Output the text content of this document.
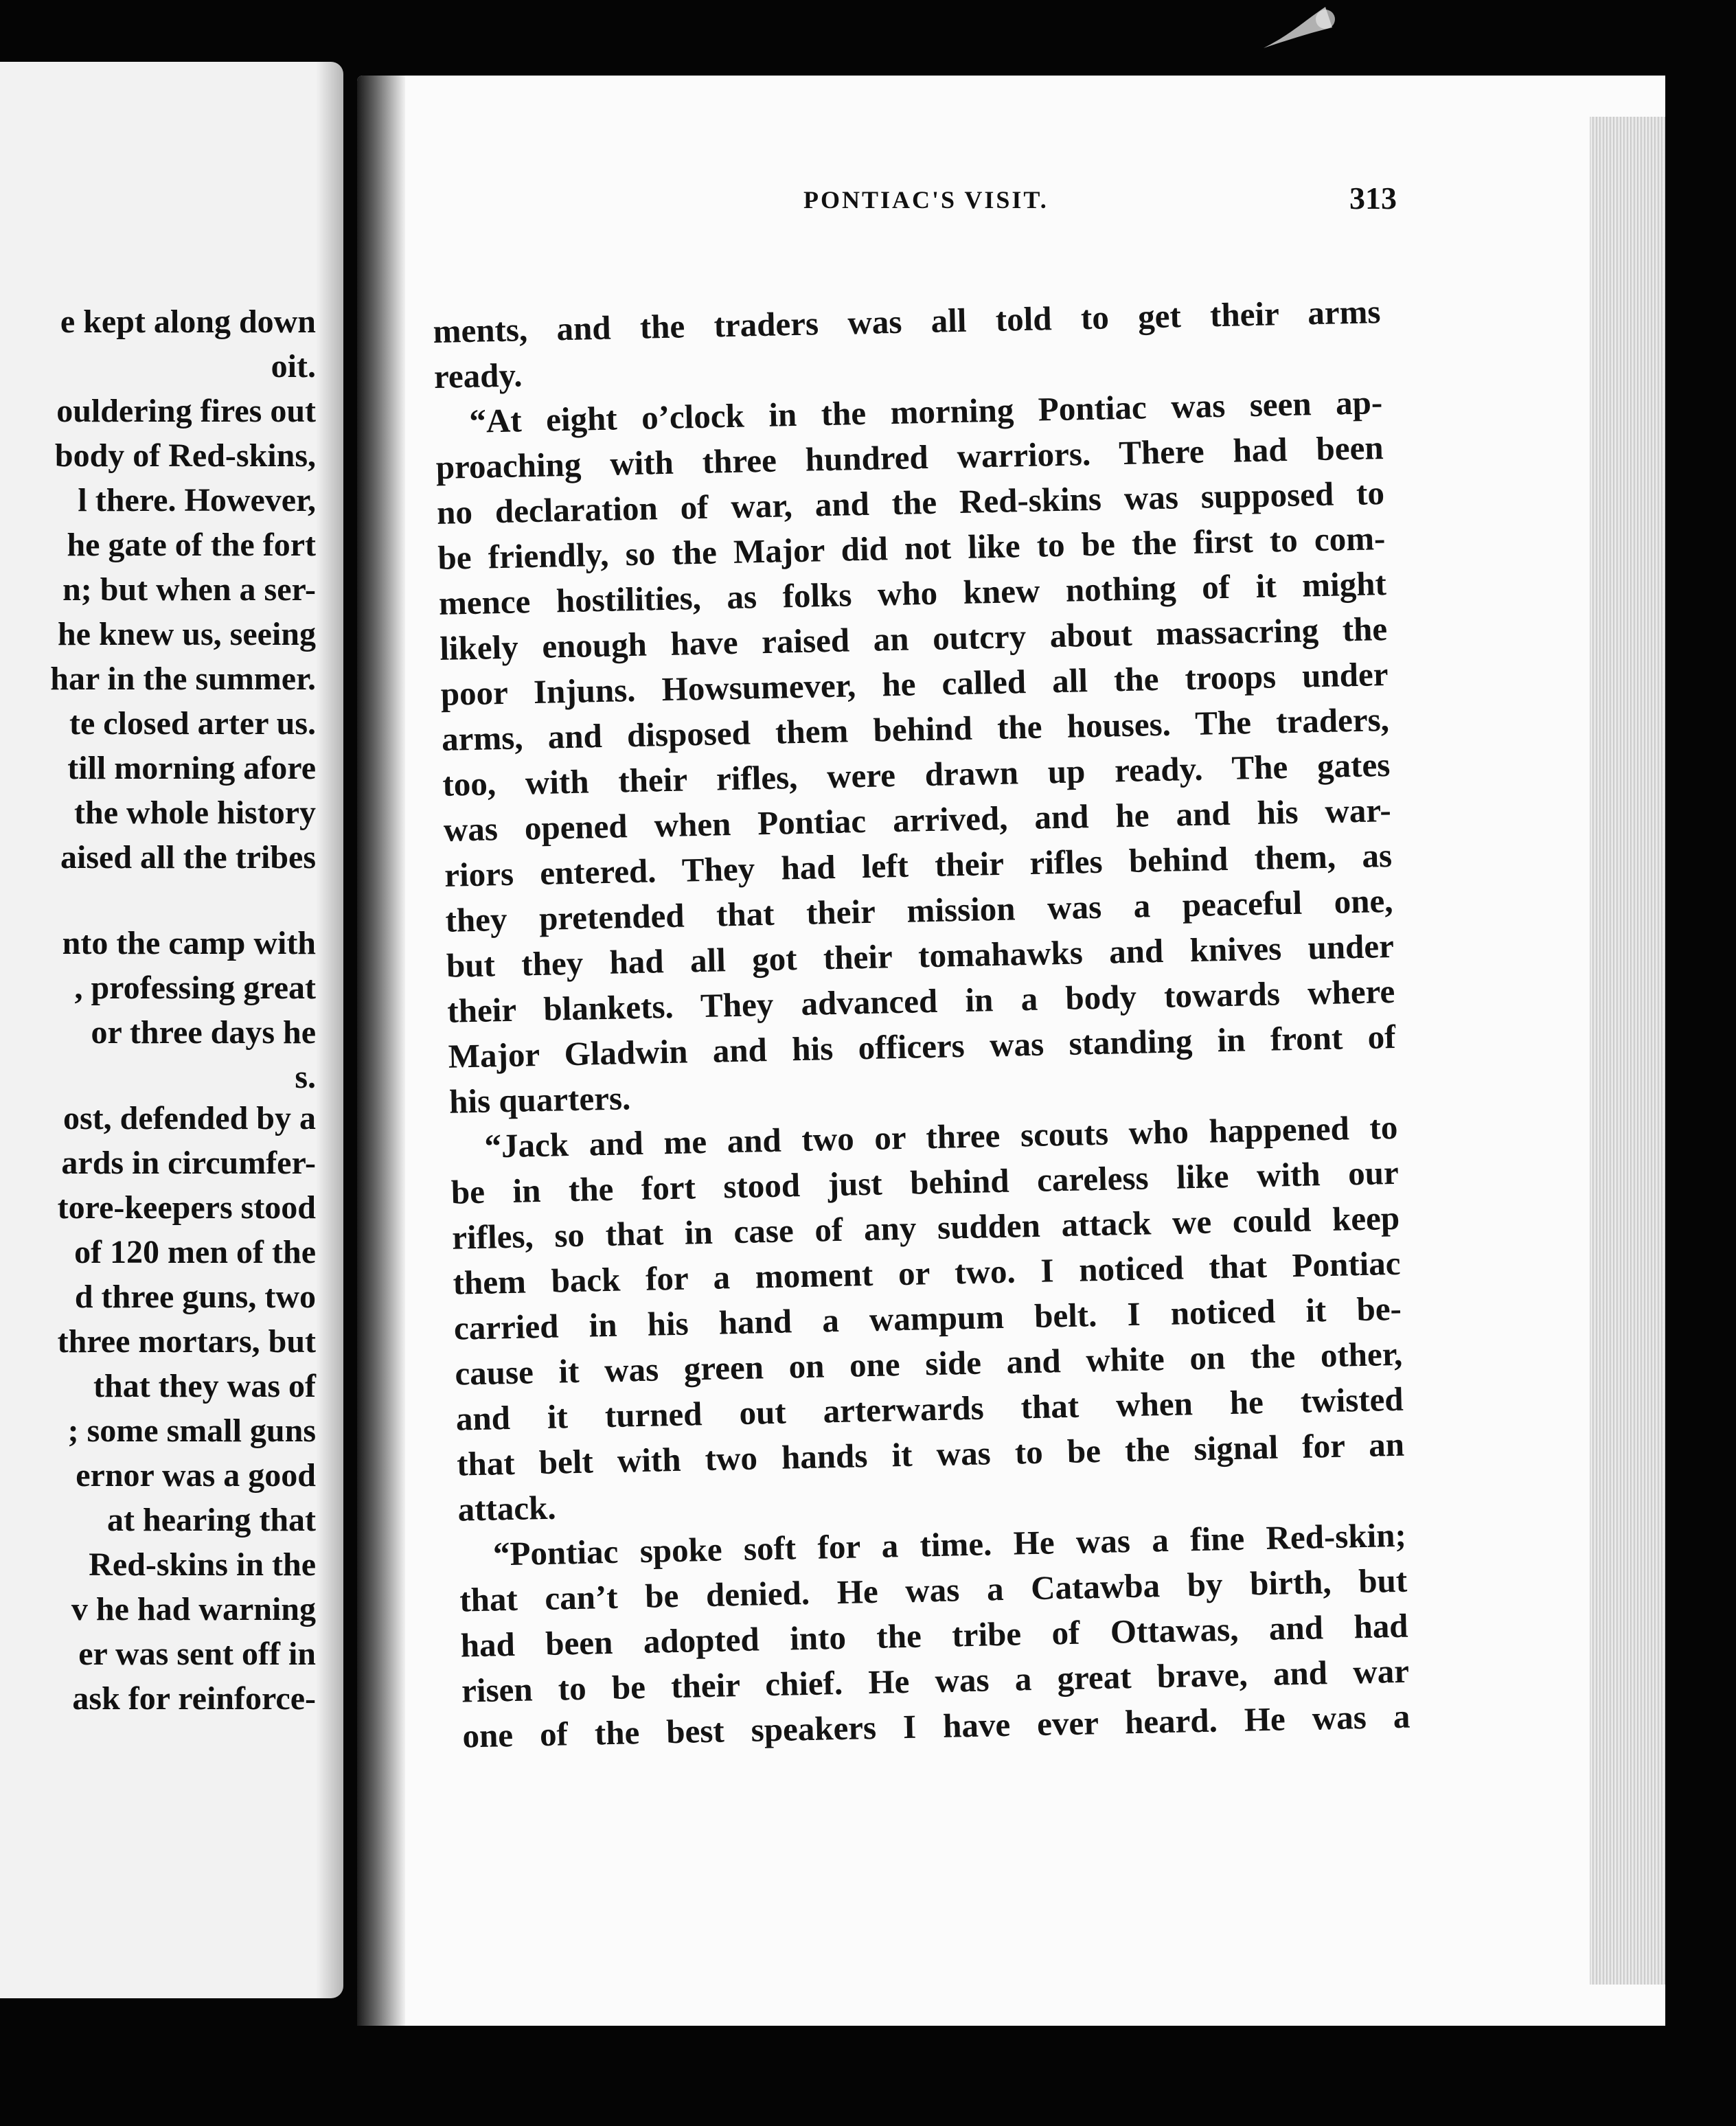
e kept along down
oit.
ouldering fires out
body of Red-skins,
l there. However,
he gate of the fort
n; but when a ser-
he knew us, seeing
har in the summer.
te closed arter us.
till morning afore
the whole history
aised all the tribes
nto the camp with
, professing great
or three days he
s.
ost, defended by a
ards in circumfer-
tore-keepers stood
of 120 men of the
d three guns, two
three mortars, but
that they was of
; some small guns
ernor was a good
at hearing that
Red-skins in the
v he had warning
er was sent off in
ask for reinforce-
PONTIAC'S VISIT.	313
ments, and the traders was all told to get their arms
ready.
“At eight o’clock in the morning Pontiac was seen ap-
proaching with three hundred warriors. There had been
no declaration of war, and the Red-skins was supposed to
be friendly, so the Major did not like to be the first to com-
mence hostilities, as folks who knew nothing of it might
likely enough have raised an outcry about massacring the
poor Injuns. Howsumever, he called all the troops under
arms, and disposed them behind the houses. The traders,
too, with their rifles, were drawn up ready. The gates
was opened when Pontiac arrived, and he and his war-
riors entered. They had left their rifles behind them, as
they pretended that their mission was a peaceful one,
but they had all got their tomahawks and knives under
their blankets. They advanced in a body towards where
Major Gladwin and his officers was standing in front of
his quarters.
“Jack and me and two or three scouts who happened to
be in the fort stood just behind careless like with our
rifles, so that in case of any sudden attack we could keep
them back for a moment or two. I noticed that Pontiac
carried in his hand a wampum belt. I noticed it be-
cause it was green on one side and white on the other,
and it turned out arterwards that when he twisted
that belt with two hands it was to be the signal for an
attack.
“Pontiac spoke soft for a time. He was a fine Red-skin;
that can’t be denied. He was a Catawba by birth, but
had been adopted into the tribe of Ottawas, and had
risen to be their chief. He was a great brave, and war
one of the best speakers I have ever heard. He was a
